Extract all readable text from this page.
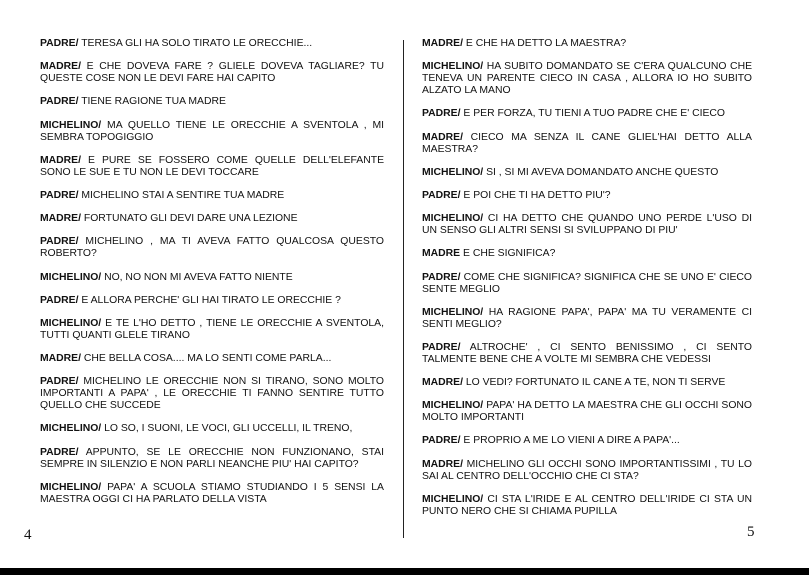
PADRE/ TERESA GLI HA SOLO TIRATO LE ORECCHIE...

MADRE/ E CHE DOVEVA FARE ? GLIELE DOVEVA TAGLIARE? TU QUESTE COSE NON LE DEVI FARE HAI CAPITO

PADRE/ TIENE RAGIONE TUA MADRE

MICHELINO/ MA QUELLO TIENE LE ORECCHIE A SVENTOLA , MI SEMBRA TOPOGIGGIO

MADRE/ E PURE SE FOSSERO COME QUELLE DELL'ELEFANTE SONO LE SUE E TU NON LE DEVI TOCCARE

PADRE/ MICHELINO STAI A SENTIRE TUA MADRE

MADRE/ FORTUNATO GLI DEVI DARE UNA LEZIONE

PADRE/ MICHELINO , MA TI AVEVA FATTO QUALCOSA QUESTO ROBERTO?

MICHELINO/ NO, NO NON MI AVEVA FATTO NIENTE

PADRE/ E ALLORA PERCHE' GLI HAI TIRATO LE ORECCHIE ?

MICHELINO/ E TE L'HO DETTO , TIENE LE ORECCHIE A SVENTOLA, TUTTI QUANTI GLELE TIRANO

MADRE/ CHE BELLA COSA.... MA LO SENTI COME PARLA...

PADRE/ MICHELINO LE ORECCHIE NON SI TIRANO, SONO MOLTO IMPORTANTI A PAPA' , LE ORECCHIE TI FANNO SENTIRE TUTTO QUELLO CHE SUCCEDE

MICHELINO/ LO SO, I SUONI, LE VOCI, GLI UCCELLI, IL TRENO,

PADRE/ APPUNTO, SE LE ORECCHIE NON FUNZIONANO, STAI SEMPRE IN SILENZIO E NON PARLI NEANCHE PIU' HAI CAPITO?

MICHELINO/ PAPA' A SCUOLA STIAMO STUDIANDO I 5 SENSI LA MAESTRA OGGI CI HA PARLATO DELLA VISTA

MADRE/ E CHE HA DETTO LA MAESTRA?

MICHELINO/ HA SUBITO DOMANDATO SE C'ERA QUALCUNO CHE TENEVA UN PARENTE CIECO IN CASA , ALLORA IO HO SUBITO ALZATO LA MANO

PADRE/ E PER FORZA, TU TIENI A TUO PADRE CHE E' CIECO

MADRE/ CIECO MA SENZA IL CANE GLIEL'HAI DETTO ALLA MAESTRA?

MICHELINO/ SI , SI MI AVEVA DOMANDATO ANCHE QUESTO

PADRE/ E POI CHE TI HA DETTO PIU'?

MICHELINO/ CI HA DETTO CHE QUANDO UNO PERDE L'USO DI UN SENSO GLI ALTRI SENSI SI SVILUPPANO DI PIU'

MADRE E CHE SIGNIFICA?

PADRE/ COME CHE SIGNIFICA? SIGNIFICA CHE SE UNO E' CIECO SENTE MEGLIO

MICHELINO/ HA RAGIONE PAPA', PAPA' MA TU VERAMENTE CI SENTI MEGLIO?

PADRE/ ALTROCHE' , CI SENTO BENISSIMO , CI SENTO TALMENTE BENE CHE A VOLTE MI SEMBRA CHE VEDESSI

MADRE/ LO VEDI? FORTUNATO IL CANE A TE, NON TI SERVE

MICHELINO/ PAPA' HA DETTO LA MAESTRA CHE GLI OCCHI SONO MOLTO IMPORTANTI

PADRE/ E PROPRIO A ME LO VIENI A DIRE A PAPA'...

MADRE/ MICHELINO GLI OCCHI SONO IMPORTANTISSIMI , TU LO SAI AL CENTRO DELL'OCCHIO CHE CI STA?

MICHELINO/ CI STA L'IRIDE E AL CENTRO DELL'IRIDE CI STA UN PUNTO NERO CHE SI CHIAMA PUPILLA

4	5
